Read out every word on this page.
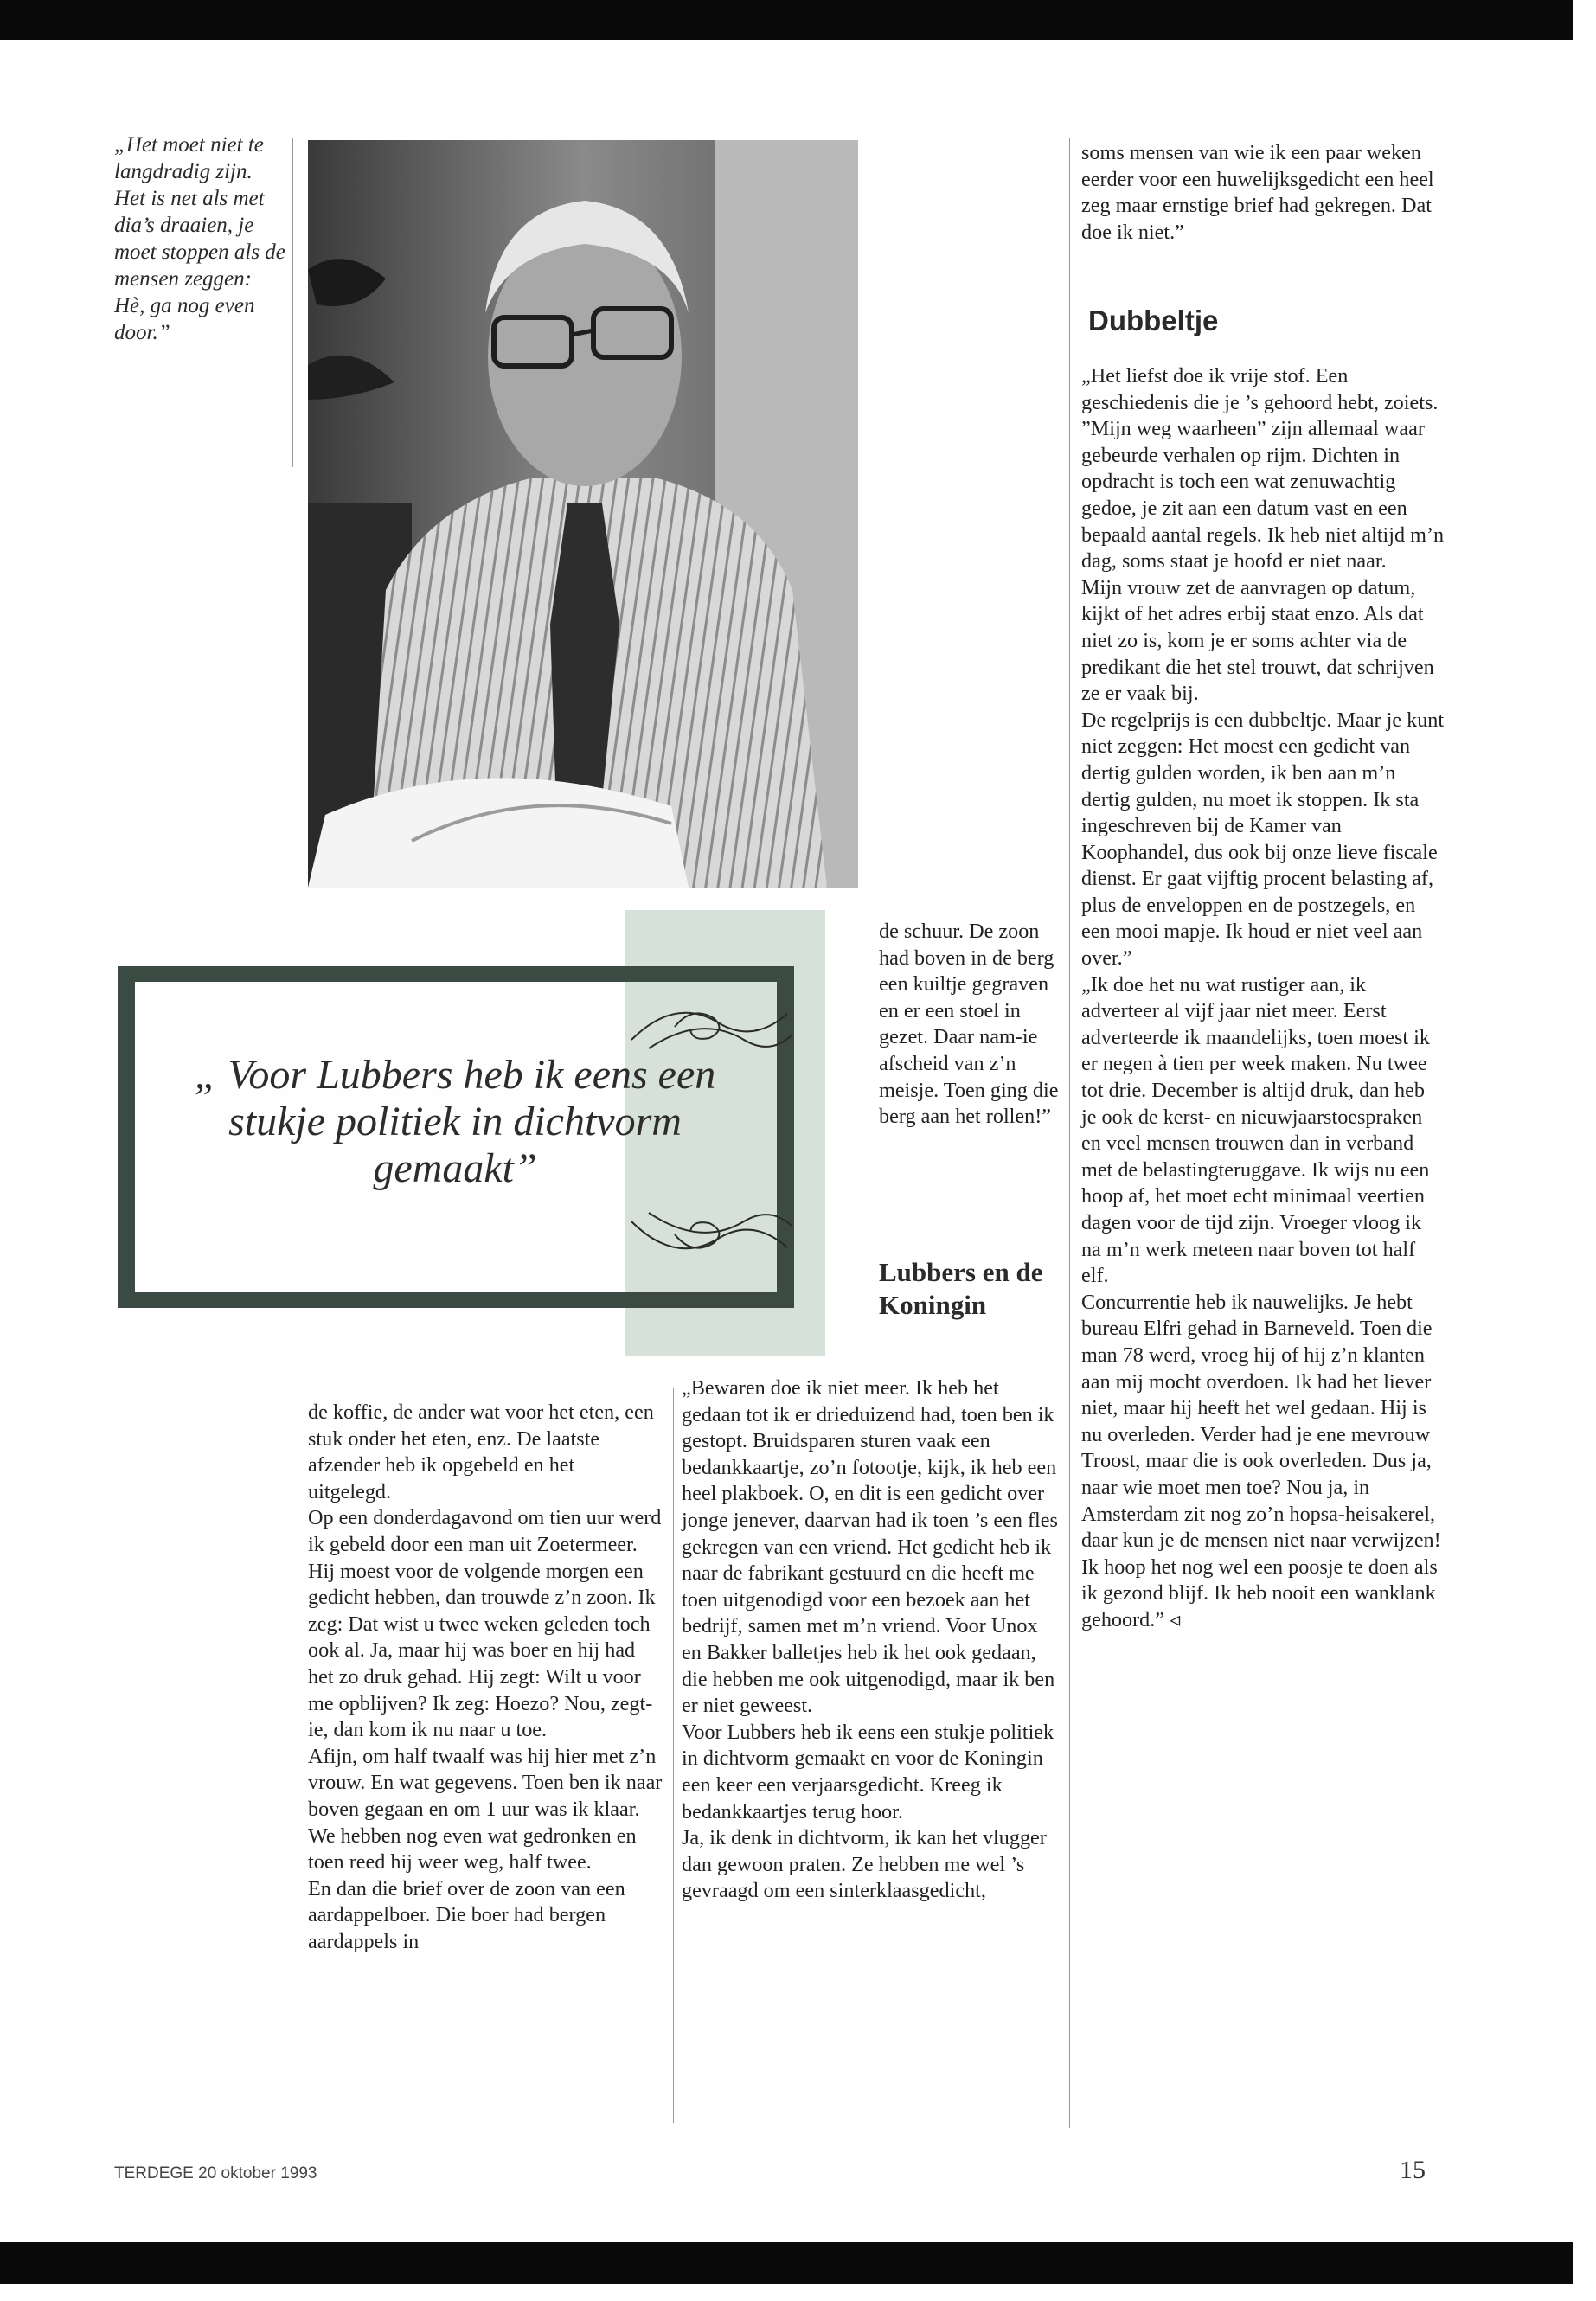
„Het moet niet te langdradig zijn. Het is net als met dia’s draaien, je moet stoppen als de mensen zeggen: Hè, ga nog even door.”

soms mensen van wie ik een paar weken eerder voor een huwelijksgedicht een heel zeg maar ernstige brief had gekregen. Dat doe ik niet.”

Dubbeltje

„Het liefst doe ik vrije stof. Een geschiedenis die je ’s gehoord hebt, zoiets. ”Mijn weg waarheen” zijn allemaal waar gebeurde verhalen op rijm. Dichten in opdracht is toch een wat zenuwachtig gedoe, je zit aan een datum vast en een bepaald aantal regels. Ik heb niet altijd m’n dag, soms staat je hoofd er niet naar.

Mijn vrouw zet de aanvragen op datum, kijkt of het adres erbij staat enzo. Als dat niet zo is, kom je er soms achter via de predikant die het stel trouwt, dat schrijven ze er vaak bij.

De regelprijs is een dubbeltje. Maar je kunt niet zeggen: Het moest een gedicht van dertig gulden worden, ik ben aan m’n dertig gulden, nu moet ik stoppen. Ik sta ingeschreven bij de Kamer van Koophandel, dus ook bij onze lieve fiscale dienst. Er gaat vijftig procent belasting af, plus de enveloppen en de postzegels, en een mooi mapje. Ik houd er niet veel aan over.”

„Ik doe het nu wat rustiger aan, ik adverteer al vijf jaar niet meer. Eerst adverteerde ik maandelijks, toen moest ik er negen à tien per week maken. Nu twee tot drie. December is altijd druk, dan heb je ook de kerst- en nieuwjaarstoespraken en veel mensen trouwen dan in verband met de belastingteruggave. Ik wijs nu een hoop af, het moet echt minimaal veertien dagen voor de tijd zijn. Vroeger vloog ik na m’n werk meteen naar boven tot half elf.

Concurrentie heb ik nauwelijks. Je hebt bureau Elfri gehad in Barneveld. Toen die man 78 werd, vroeg hij of hij z’n klanten aan mij mocht overdoen. Ik had het liever niet, maar hij heeft het wel gedaan. Hij is nu overleden. Verder had je ene mevrouw Troost, maar die is ook overleden. Dus ja, naar wie moet men toe? Nou ja, in Amsterdam zit nog zo’n hopsa-heisakerel, daar kun je de mensen niet naar verwijzen!

Ik hoop het nog wel een poosje te doen als ik gezond blijf. Ik heb nooit een wanklank gehoord.” ◃

„ Voor Lubbers heb ik eens een stukje politiek in dichtvorm gemaakt”

de schuur. De zoon had boven in de berg een kuiltje gegraven en er een stoel in gezet. Daar nam-ie afscheid van z’n meisje. Toen ging die berg aan het rollen!”

Lubbers en de Koningin

„Bewaren doe ik niet meer. Ik heb het gedaan tot ik er drieduizend had, toen ben ik gestopt. Bruidsparen sturen vaak een bedankkaartje, zo’n fotootje, kijk, ik heb een heel plakboek. O, en dit is een gedicht over jonge jenever, daarvan had ik toen ’s een fles gekregen van een vriend. Het gedicht heb ik naar de fabrikant gestuurd en die heeft me toen uitgenodigd voor een bezoek aan het bedrijf, samen met m’n vriend. Voor Unox en Bakker balletjes heb ik het ook gedaan, die hebben me ook uitgenodigd, maar ik ben er niet geweest.

Voor Lubbers heb ik eens een stukje politiek in dichtvorm gemaakt en voor de Koningin een keer een verjaarsgedicht. Kreeg ik bedankkaartjes terug hoor.

Ja, ik denk in dichtvorm, ik kan het vlugger dan gewoon praten. Ze hebben me wel ’s gevraagd om een sinterklaasgedicht,

de koffie, de ander wat voor het eten, een stuk onder het eten, enz. De laatste afzender heb ik opgebeld en het uitgelegd.

Op een donderdagavond om tien uur werd ik gebeld door een man uit Zoetermeer. Hij moest voor de volgende morgen een gedicht hebben, dan trouwde z’n zoon. Ik zeg: Dat wist u twee weken geleden toch ook al. Ja, maar hij was boer en hij had het zo druk gehad. Hij zegt: Wilt u voor me opblijven? Ik zeg: Hoezo? Nou, zegt-ie, dan kom ik nu naar u toe.

Afijn, om half twaalf was hij hier met z’n vrouw. En wat gegevens. Toen ben ik naar boven gegaan en om 1 uur was ik klaar. We hebben nog even wat gedronken en toen reed hij weer weg, half twee.

En dan die brief over de zoon van een aardappelboer. Die boer had bergen aardappels in

TERDEGE 20 oktober 1993	15
